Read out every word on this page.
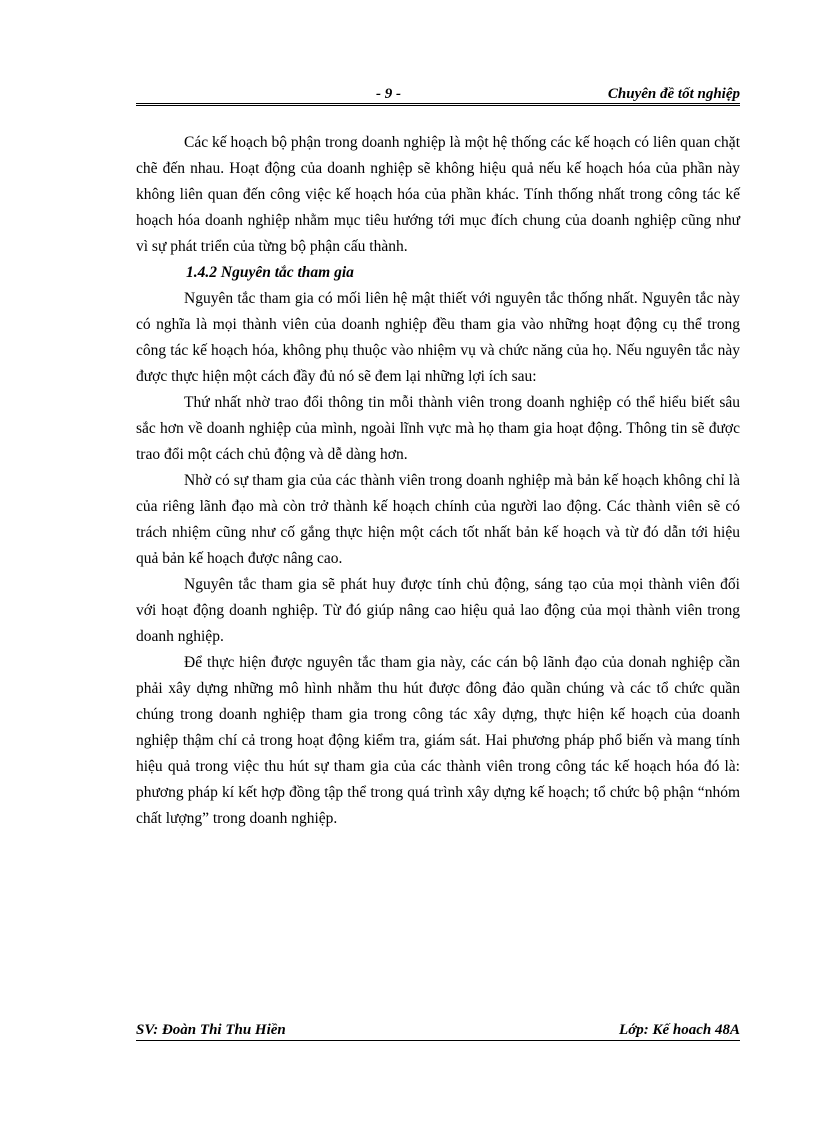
- 9 -	Chuyên đề tốt nghiệp

Các kế hoạch bộ phận trong doanh nghiệp là một hệ thống các kế hoạch có liên quan chặt chẽ đến nhau. Hoạt động của doanh nghiệp sẽ không hiệu quả nếu kế hoạch hóa của phần này không liên quan đến công việc kế hoạch hóa của phần khác. Tính thống nhất trong công tác kế hoạch hóa doanh nghiệp nhằm mục tiêu hướng tới mục đích chung của doanh nghiệp cũng như vì sự phát triển của từng bộ phận cấu thành.

1.4.2 Nguyên tắc tham gia

Nguyên tắc tham gia có mối liên hệ mật thiết với nguyên tắc thống nhất. Nguyên tắc này có nghĩa là mọi thành viên của doanh nghiệp đều tham gia vào những hoạt động cụ thể trong công tác kế hoạch hóa, không phụ thuộc vào nhiệm vụ và chức năng của họ. Nếu nguyên tắc này được thực hiện một cách đầy đủ nó sẽ đem lại những lợi ích sau:

Thứ nhất nhờ trao đổi thông tin mỗi thành viên trong doanh nghiệp có thể hiểu biết sâu sắc hơn về doanh nghiệp của mình, ngoài lĩnh vực mà họ tham gia hoạt động. Thông tin sẽ được trao đổi một cách chủ động và dễ dàng hơn.

Nhờ có sự tham gia của các thành viên trong doanh nghiệp mà bản kế hoạch không chỉ là của riêng lãnh đạo mà còn trở thành kế hoạch chính của người lao động. Các thành viên sẽ có trách nhiệm cũng như cố gắng thực hiện một cách tốt nhất bản kế hoạch và từ đó dẫn tới hiệu quả bản kế hoạch được nâng cao.

Nguyên tắc tham gia sẽ phát huy được tính chủ động, sáng tạo của mọi thành viên đối với hoạt động doanh nghiệp. Từ đó giúp nâng cao hiệu quả lao động của mọi thành viên trong doanh nghiệp.

Để thực hiện được nguyên tắc tham gia này, các cán bộ lãnh đạo của donah nghiệp cần phải xây dựng những mô hình nhằm thu hút được đông đảo quần chúng và các tổ chức quần chúng trong doanh nghiệp tham gia trong công tác xây dựng, thực hiện kế hoạch của doanh nghiệp thậm chí cả trong hoạt động kiểm tra, giám sát. Hai phương pháp phổ biến và mang tính hiệu quả trong việc thu hút sự tham gia của các thành viên trong công tác kế hoạch hóa đó là: phương pháp kí kết hợp đồng tập thể trong quá trình xây dựng kế hoạch; tổ chức bộ phận “nhóm chất lượng” trong doanh nghiệp.

SV: Đoàn Thi Thu Hiền	Lớp: Kế hoach 48A
